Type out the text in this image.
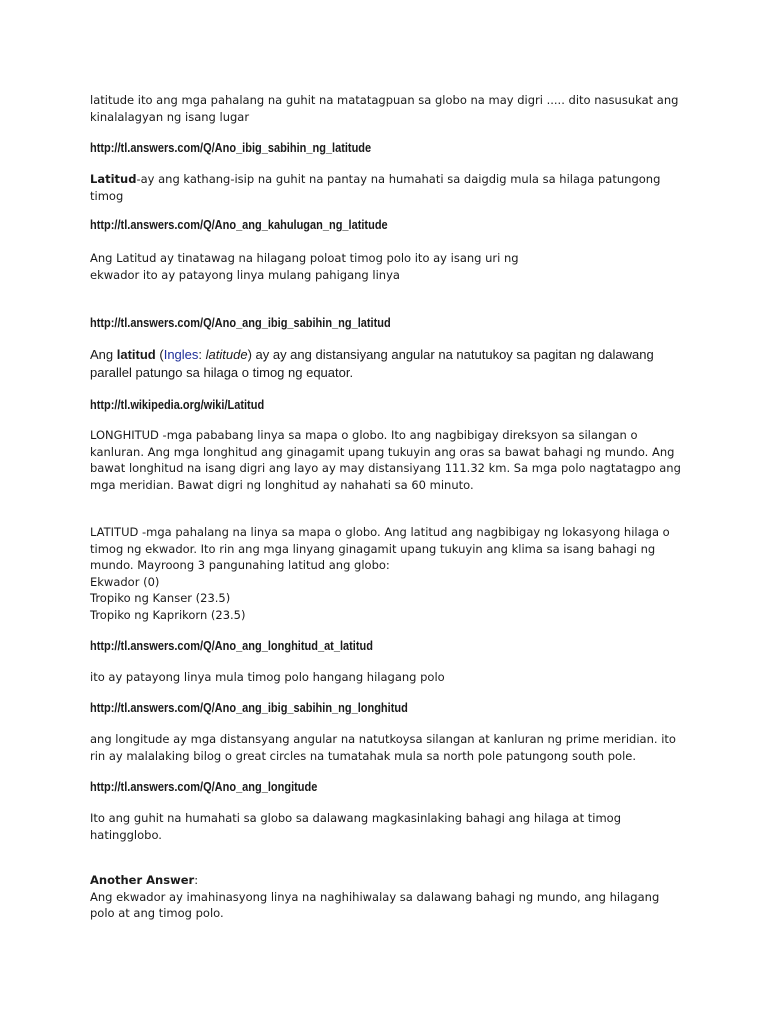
latitude ito ang mga pahalang na guhit na matatagpuan sa globo na may digri ..... dito nasusukat ang
kinalalagyan ng isang lugar
http://tl.answers.com/Q/Ano_ibig_sabihin_ng_latitude
Latitud-ay ang kathang-isip na guhit na pantay na humahati sa daigdig mula sa hilaga patungong
timog
http://tl.answers.com/Q/Ano_ang_kahulugan_ng_latitude
Ang Latitud ay tinatawag na hilagang poloat timog polo ito ay isang uri ng
ekwador ito ay patayong linya mulang pahigang linya
http://tl.answers.com/Q/Ano_ang_ibig_sabihin_ng_latitud
Ang latitud (Ingles: latitude) ay ay ang distansiyang angular na natutukoy sa pagitan ng dalawang
parallel patungo sa hilaga o timog ng equator.
http://tl.wikipedia.org/wiki/Latitud
LONGHITUD -mga pababang linya sa mapa o globo. Ito ang nagbibigay direksyon sa silangan o
kanluran. Ang mga longhitud ang ginagamit upang tukuyin ang oras sa bawat bahagi ng mundo. Ang
bawat longhitud na isang digri ang layo ay may distansiyang 111.32 km. Sa mga polo nagtatagpo ang
mga meridian. Bawat digri ng longhitud ay nahahati sa 60 minuto.
LATITUD -mga pahalang na linya sa mapa o globo. Ang latitud ang nagbibigay ng lokasyong hilaga o
timog ng ekwador. Ito rin ang mga linyang ginagamit upang tukuyin ang klima sa isang bahagi ng
mundo. Mayroong 3 pangunahing latitud ang globo:
Ekwador (0)
Tropiko ng Kanser (23.5)
Tropiko ng Kaprikorn (23.5)
http://tl.answers.com/Q/Ano_ang_longhitud_at_latitud
ito ay patayong linya mula timog polo hangang hilagang polo
http://tl.answers.com/Q/Ano_ang_ibig_sabihin_ng_longhitud
ang longitude ay mga distansyang angular na natutkoysa silangan at kanluran ng prime meridian. ito
rin ay malalaking bilog o great circles na tumatahak mula sa north pole patungong south pole.
http://tl.answers.com/Q/Ano_ang_longitude
Ito ang guhit na humahati sa globo sa dalawang magkasinlaking bahagi ang hilaga at timog
hatingglobo.
Another Answer:
Ang ekwador ay imahinasyong linya na naghihiwalay sa dalawang bahagi ng mundo, ang hilagang
polo at ang timog polo.
